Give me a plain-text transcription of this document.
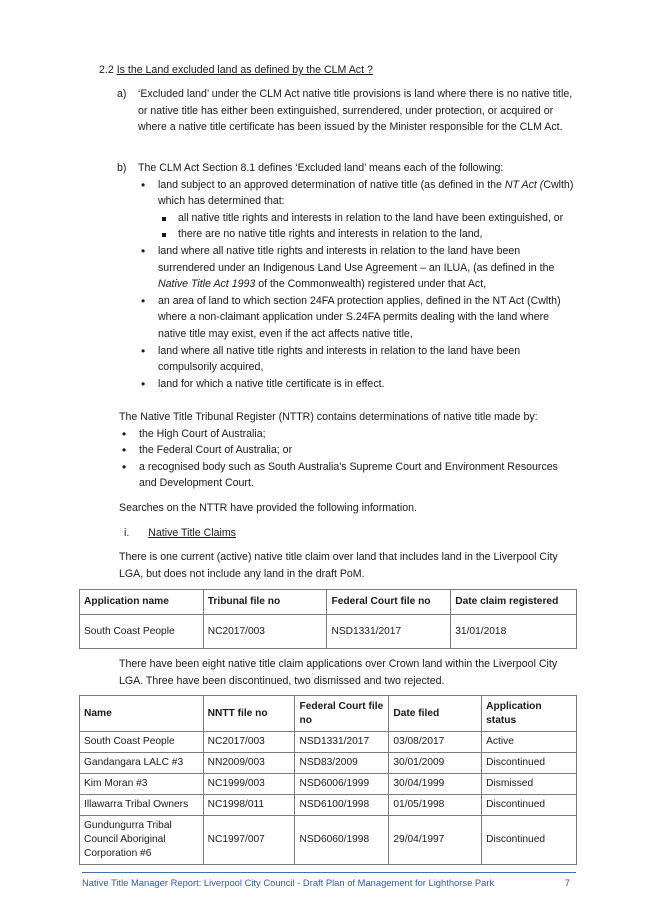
2.2 Is the Land excluded land as defined by the CLM Act ?
a) ‘Excluded land’ under the CLM Act native title provisions is land where there is no native title, or native title has either been extinguished, surrendered, under protection, or acquired or where a native title certificate has been issued by the Minister responsible for the CLM Act.
b) The CLM Act Section 8.1 defines ‘Excluded land’ means each of the following:
• land subject to an approved determination of native title (as defined in the NT Act (Cwlth) which has determined that:
all native title rights and interests in relation to the land have been extinguished, or
there are no native title rights and interests in relation to the land,
• land where all native title rights and interests in relation to the land have been surrendered under an Indigenous Land Use Agreement – an ILUA, (as defined in the Native Title Act 1993 of the Commonwealth) registered under that Act,
• an area of land to which section 24FA protection applies, defined in the NT Act (Cwlth) where a non-claimant application under S.24FA permits dealing with the land where native title may exist, even if the act affects native title,
• land where all native title rights and interests in relation to the land have been compulsorily acquired,
• land for which a native title certificate is in effect.
The Native Title Tribunal Register (NTTR) contains determinations of native title made by:
• the High Court of Australia;
• the Federal Court of Australia; or
• a recognised body such as South Australia's Supreme Court and Environment Resources and Development Court.
Searches on the NTTR have provided the following information.
i. Native Title Claims
There is one current (active) native title claim over land that includes land in the Liverpool City LGA, but does not include any land in the draft PoM.
Application name	Tribunal file no	Federal Court file no	Date claim registered
South Coast People	NC2017/003	NSD1331/2017	31/01/2018
There have been eight native title claim applications over Crown land within the Liverpool City LGA. Three have been discontinued, two dismissed and two rejected.
Name	NNTT file no	Federal Court file no	Date filed	Application status
South Coast People	NC2017/003	NSD1331/2017	03/08/2017	Active
Gandangara LALC #3	NN2009/003	NSD83/2009	30/01/2009	Discontinued
Kim Moran #3	NC1999/003	NSD6006/1999	30/04/1999	Dismissed
Illawarra Tribal Owners	NC1998/011	NSD6100/1998	01/05/1998	Discontinued
Gundungurra Tribal Council Aboriginal Corporation #6	NC1997/007	NSD6060/1998	29/04/1997	Discontinued
Native Title Manager Report: Liverpool City Council - Draft Plan of Management for Lighthorse Park	7
